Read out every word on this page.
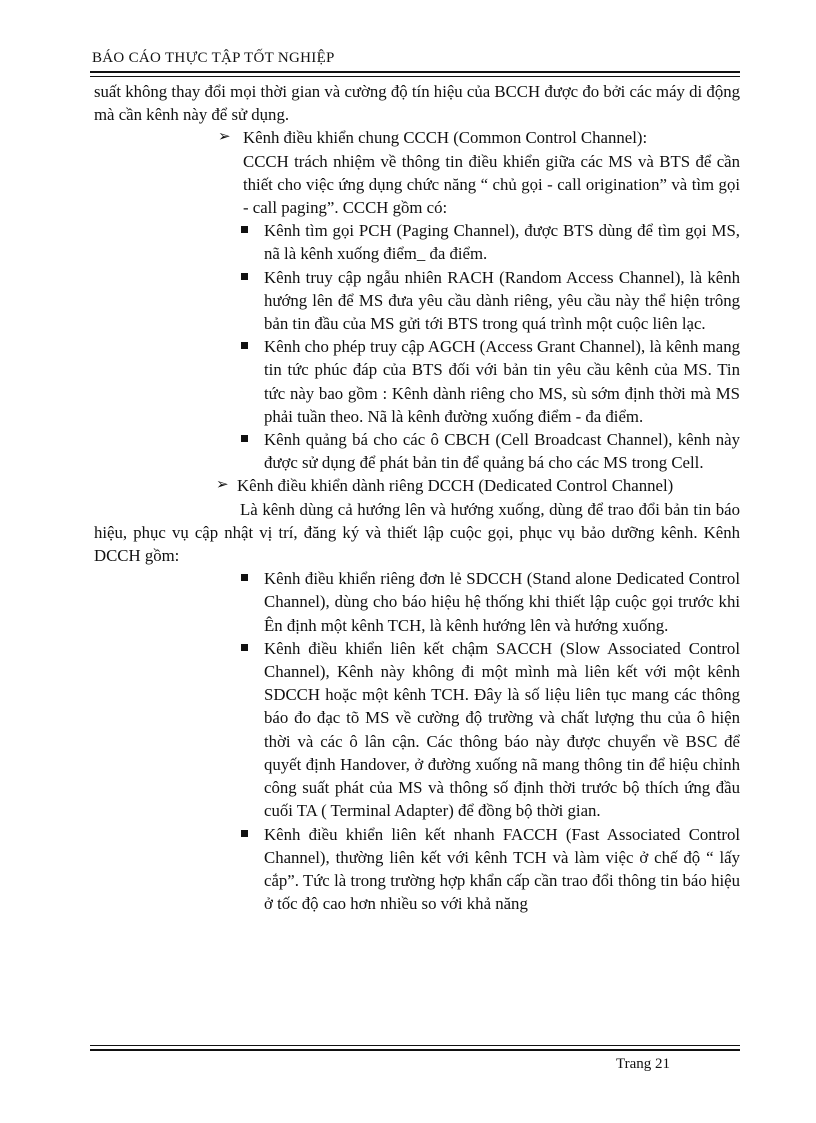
BÁO CÁO THỰC TẬP TỐT NGHIỆP

suất không thay đổi mọi thời gian và cường độ tín hiệu của BCCH được đo bởi các máy di động mà cần kênh này để sử dụng.

➢ Kênh điều khiển chung CCCH (Common Control Channel):

CCCH trách nhiệm về thông tin điều khiển giữa các MS và BTS để cần thiết cho việc ứng dụng chức năng “ chủ gọi - call origination” và tìm gọi - call paging”. CCCH gồm có:

Kênh tìm gọi PCH (Paging Channel), được BTS dùng để tìm gọi MS, nã là kênh xuống điểm_ đa điểm.
Kênh truy cập ngẫu nhiên RACH (Random Access Channel), là kênh hướng lên để MS đưa yêu cầu dành riêng, yêu cầu này thể hiện trông bản tin đầu của MS gửi tới BTS trong quá trình một cuộc liên lạc.
Kênh cho phép truy cập AGCH (Access Grant Channel), là kênh mang tin tức phúc đáp của BTS đối với bản tin yêu cầu kênh của MS. Tin tức này bao gồm : Kênh dành riêng cho MS, sù sớm định thời mà MS phải tuần theo. Nã là kênh đường xuống điểm - đa điểm.
Kênh quảng bá cho các ô CBCH (Cell Broadcast Channel), kênh này được sử dụng để phát bản tin để quảng bá cho các MS trong Cell.
➢ Kênh điều khiển dành riêng DCCH (Dedicated Control Channel)

Là kênh dùng cả hướng lên và hướng xuống, dùng để trao đổi bản tin báo hiệu, phục vụ cập nhật vị trí, đăng ký và thiết lập cuộc gọi, phục vụ bảo dưỡng kênh. Kênh DCCH gồm:

Kênh điều khiển riêng đơn lẻ SDCCH (Stand alone Dedicated Control Channel), dùng cho báo hiệu hệ thống khi thiết lập cuộc gọi trước khi Ên định một kênh TCH, là kênh hướng lên và hướng xuống.
Kênh điều khiển liên kết chậm SACCH (Slow Associated Control Channel), Kênh này không đi một mình mà liên kết với một kênh SDCCH hoặc một kênh TCH. Đây là số liệu liên tục mang các thông báo đo đạc tõ MS về cường độ trường và chất lượng thu của ô hiện thời và các ô lân cận. Các thông báo này được chuyển về BSC để quyết định Handover, ở đường xuống nã mang thông tin để hiệu chỉnh công suất phát của MS và thông số định thời trước bộ thích ứng đầu cuối TA ( Terminal Adapter) để đồng bộ thời gian.
Kênh điều khiển liên kết nhanh FACCH (Fast Associated Control Channel), thường liên kết với kênh TCH và làm việc ở chế độ “ lấy cắp”. Tức là trong trường hợp khẩn cấp cần trao đổi thông tin báo hiệu ở tốc độ cao hơn nhiều so với khả năng
Trang 21
